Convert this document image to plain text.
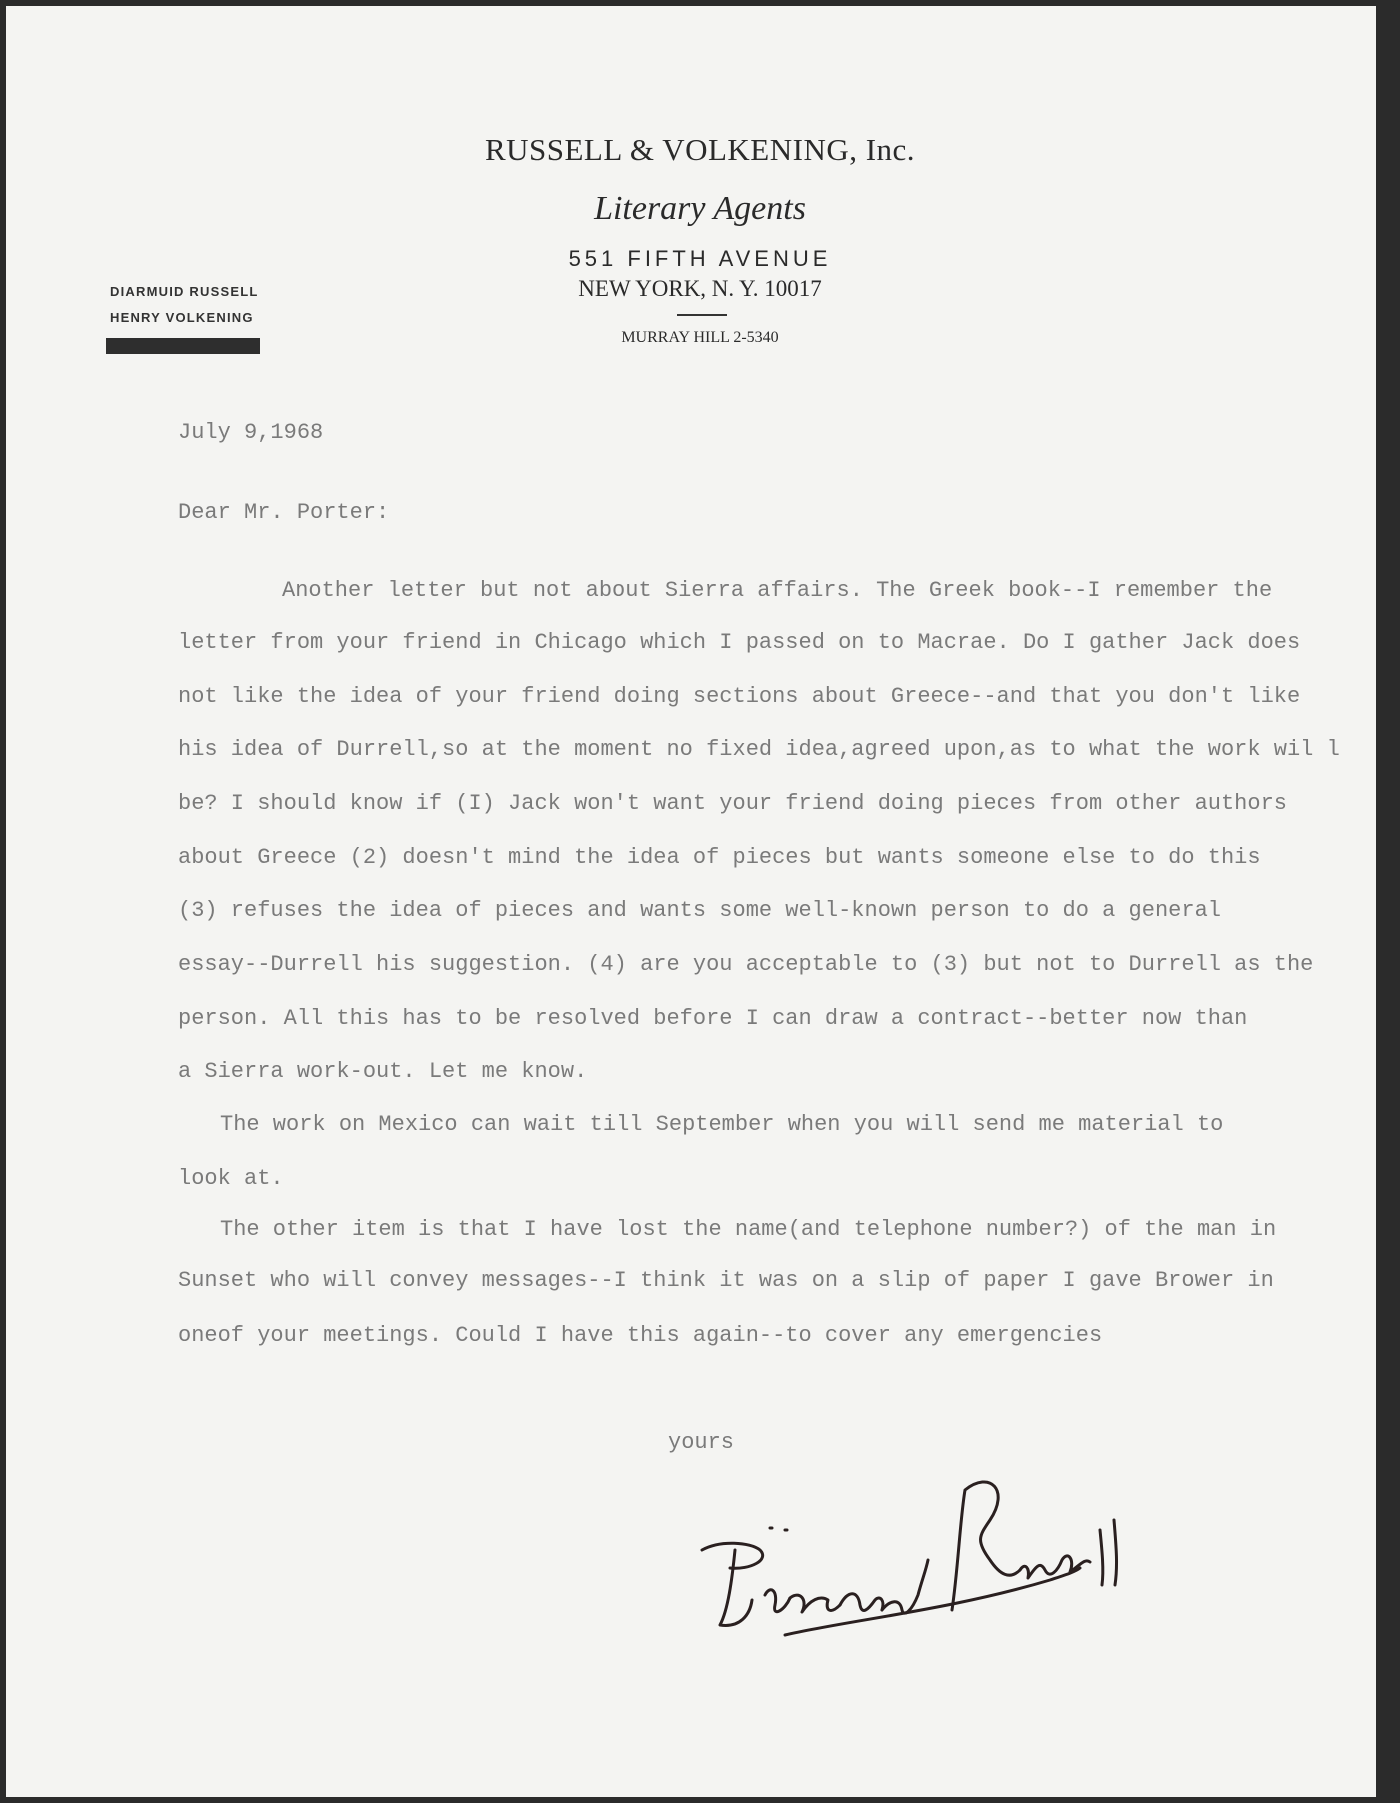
RUSSELL & VOLKENING, Inc.
Literary Agents
551 FIFTH AVENUE
NEW YORK, N. Y. 10017
MURRAY HILL 2-5340
DIARMUID RUSSELL
HENRY VOLKENING
July 9,1968
Dear Mr. Porter:
Another letter but not about Sierra affairs. The Greek book--I remember the
letter from your friend in Chicago which I passed on to Macrae. Do I gather Jack does
not like the idea of your friend doing sections about Greece--and that you don't like
his idea of Durrell,so at the moment no fixed idea,agreed upon,as to what the work wil l
be? I should know if (I) Jack won't want your friend doing pieces from other authors
about Greece (2) doesn't mind the idea of pieces but wants someone else to do this
(3) refuses the idea of pieces and wants some well-known person to do a general
essay--Durrell his suggestion. (4) are you acceptable to (3) but not to Durrell as the
person. All this has to be resolved before I can draw a contract--better now than
a Sierra work-out. Let me know.
The work on Mexico can wait till September when you will send me material to
look at.
The other item is that I have lost the name(and telephone number?) of the man in
Sunset who will convey messages--I think it was on a slip of paper I gave Brower in
oneof your meetings. Could I have this again--to cover any emergencies
yours
